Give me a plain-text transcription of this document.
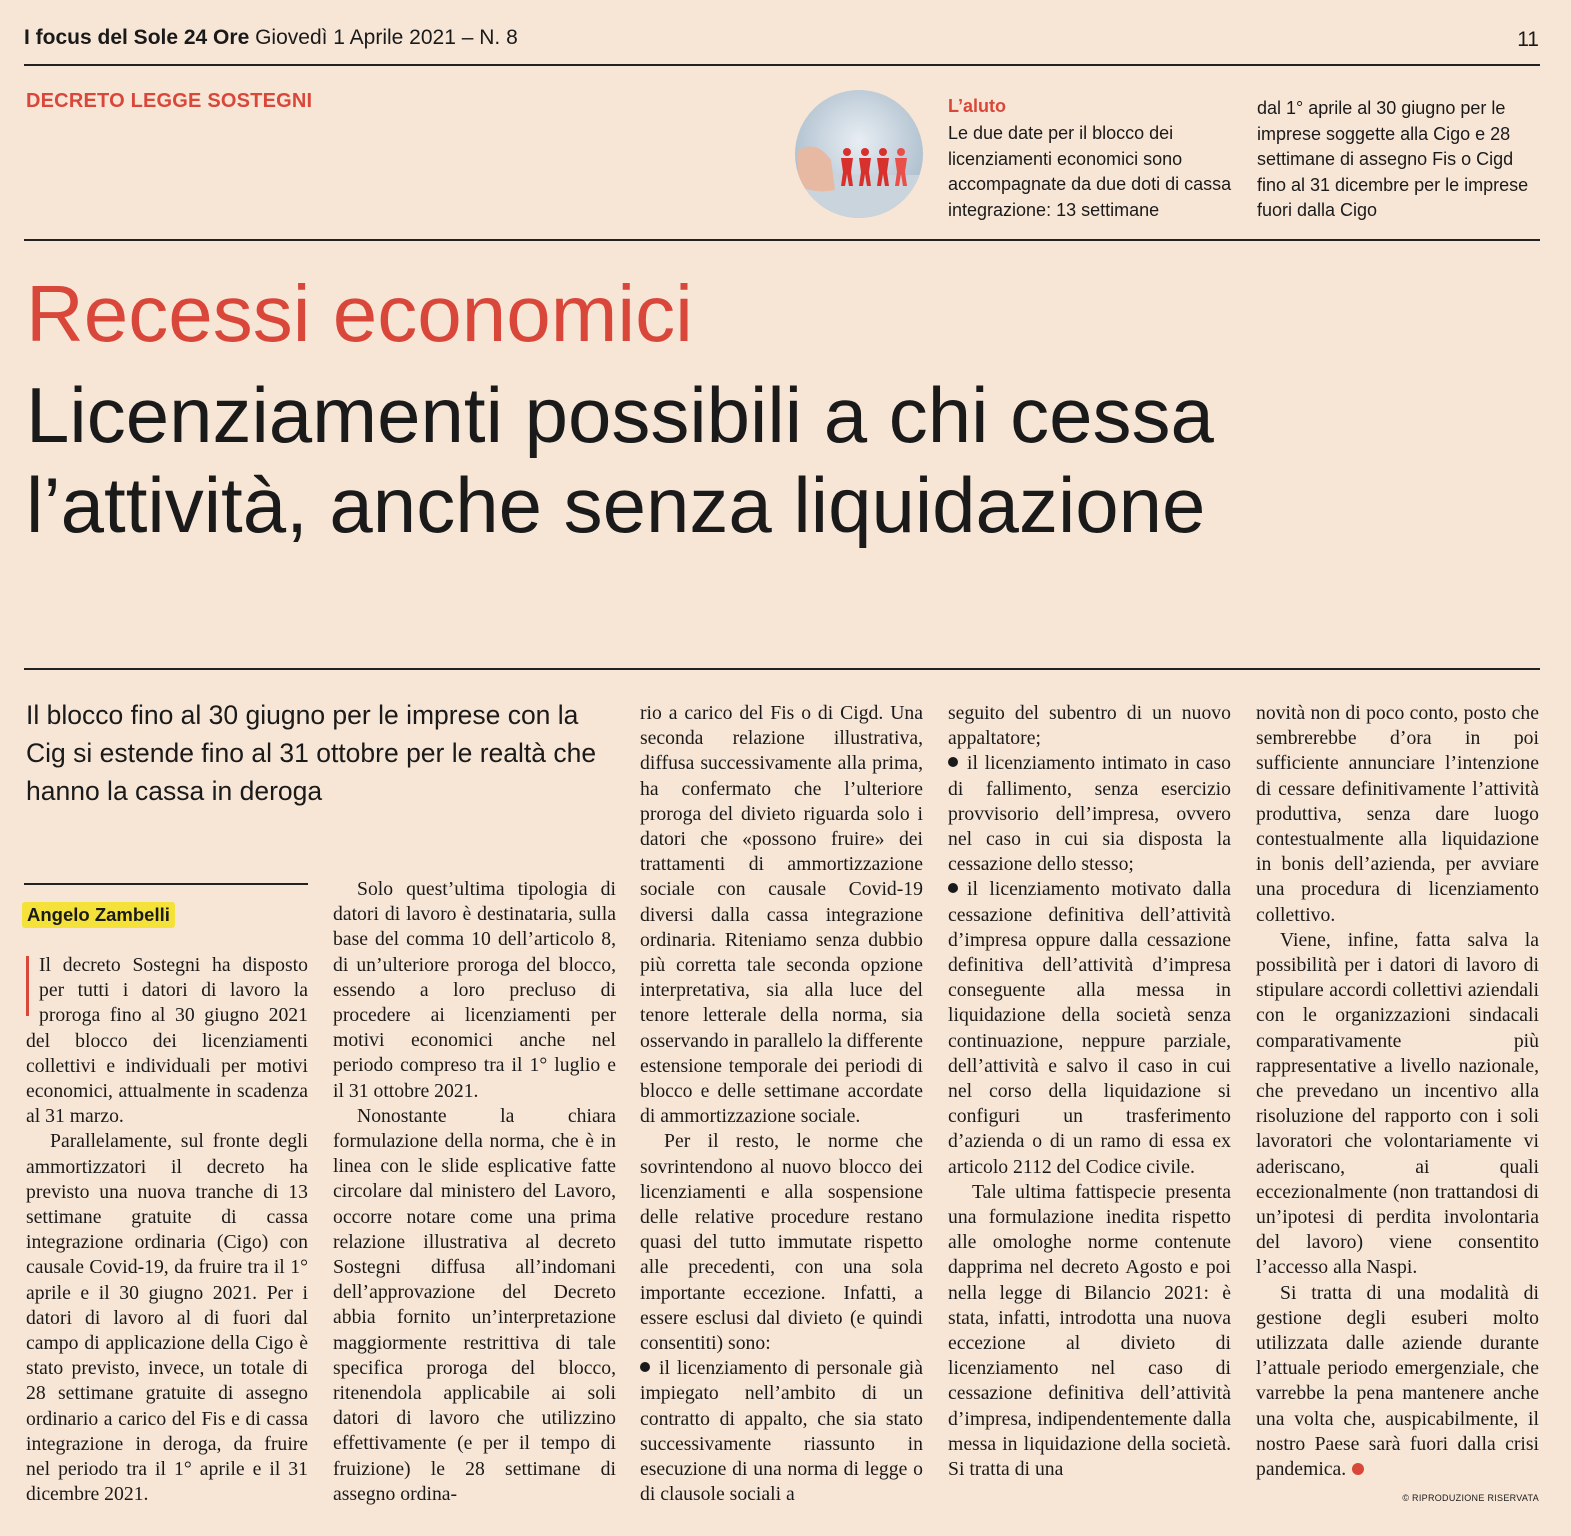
I focus del Sole 24 Ore Giovedì 1 Aprile 2021 – N. 8	11
DECRETO LEGGE SOSTEGNI	L’aluto
Le due date per il blocco dei licenziamenti economici sono accompagnate da due doti di cassa integrazione: 13 settimane
dal 1° aprile al 30 giugno per le imprese soggette alla Cigo e 28 settimane di assegno Fis o Cigd fino al 31 dicembre per le imprese fuori dalla Cigo
Recessi economici
Licenziamenti possibili a chi cessa
l’attività, anche senza liquidazione
Il blocco fino al 30 giugno per le imprese con la Cig si estende fino al 31 ottobre per le realtà che hanno la cassa in deroga
Angelo Zambelli

Il decreto Sostegni ha disposto per tutti i datori di lavoro la proroga fino al 30 giugno 2021 del blocco dei licenziamenti collettivi e individuali per motivi economici, attualmente in scadenza al 31 marzo.

Parallelamente, sul fronte degli ammortizzatori il decreto ha previsto una nuova tranche di 13 settimane gratuite di cassa integrazione ordinaria (Cigo) con causale Covid-19, da fruire tra il 1° aprile e il 30 giugno 2021. Per i datori di lavoro al di fuori dal campo di applicazione della Cigo è stato previsto, invece, un totale di 28 settimane gratuite di assegno ordinario a carico del Fis e di cassa integrazione in deroga, da fruire nel periodo tra il 1° aprile e il 31 dicembre 2021.

Solo quest’ultima tipologia di datori di lavoro è destinataria, sulla base del comma 10 dell’articolo 8, di un’ulteriore proroga del blocco, essendo a loro precluso di procedere ai licenziamenti per motivi economici anche nel periodo compreso tra il 1° luglio e il 31 ottobre 2021.

Nonostante la chiara formulazione della norma, che è in linea con le slide esplicative fatte circolare dal ministero del Lavoro, occorre notare come una prima relazione illustrativa al decreto Sostegni diffusa all’indomani dell’approvazione del Decreto abbia fornito un’interpretazione maggiormente restrittiva di tale specifica proroga del blocco, ritenendola applicabile ai soli datori di lavoro che utilizzino effettivamente (e per il tempo di fruizione) le 28 settimane di assegno ordina-

rio a carico del Fis o di Cigd. Una seconda relazione illustrativa, diffusa successivamente alla prima, ha confermato che l’ulteriore proroga del divieto riguarda solo i datori che «possono fruire» dei trattamenti di ammortizzazione sociale con causale Covid-19 diversi dalla cassa integrazione ordinaria. Riteniamo senza dubbio più corretta tale seconda opzione interpretativa, sia alla luce del tenore letterale della norma, sia osservando in parallelo la differente estensione temporale dei periodi di blocco e delle settimane accordate di ammortizzazione sociale.

Per il resto, le norme che sovrintendono al nuovo blocco dei licenziamenti e alla sospensione delle relative procedure restano quasi del tutto immutate rispetto alle precedenti, con una sola importante eccezione. Infatti, a essere esclusi dal divieto (e quindi consentiti) sono:

il licenziamento di personale già impiegato nell’ambito di un contratto di appalto, che sia stato successivamente riassunto in esecuzione di una norma di legge o di clausole sociali a

seguito del subentro di un nuovo appaltatore;

il licenziamento intimato in caso di fallimento, senza esercizio provvisorio dell’impresa, ovvero nel caso in cui sia disposta la cessazione dello stesso;

il licenziamento motivato dalla cessazione definitiva dell’attività d’impresa oppure dalla cessazione definitiva dell’attività d’impresa conseguente alla messa in liquidazione della società senza continuazione, neppure parziale, dell’attività e salvo il caso in cui nel corso della liquidazione si configuri un trasferimento d’azienda o di un ramo di essa ex articolo 2112 del Codice civile.

Tale ultima fattispecie presenta una formulazione inedita rispetto alle omologhe norme contenute dapprima nel decreto Agosto e poi nella legge di Bilancio 2021: è stata, infatti, introdotta una nuova eccezione al divieto di licenziamento nel caso di cessazione definitiva dell’attività d’impresa, indipendentemente dalla messa in liquidazione della società. Si tratta di una

novità non di poco conto, posto che sembrerebbe d’ora in poi sufficiente annunciare l’intenzione di cessare definitivamente l’attività produttiva, senza dare luogo contestualmente alla liquidazione in bonis dell’azienda, per avviare una procedura di licenziamento collettivo.

Viene, infine, fatta salva la possibilità per i datori di lavoro di stipulare accordi collettivi aziendali con le organizzazioni sindacali comparativamente più rappresentative a livello nazionale, che prevedano un incentivo alla risoluzione del rapporto con i soli lavoratori che volontariamente vi aderiscano, ai quali eccezionalmente (non trattandosi di un’ipotesi di perdita involontaria del lavoro) viene consentito l’accesso alla Naspi.

Si tratta di una modalità di gestione degli esuberi molto utilizzata dalle aziende durante l’attuale periodo emergenziale, che varrebbe la pena mantenere anche una volta che, auspicabilmente, il nostro Paese sarà fuori dalla crisi pandemica.

© RIPRODUZIONE RISERVATA
